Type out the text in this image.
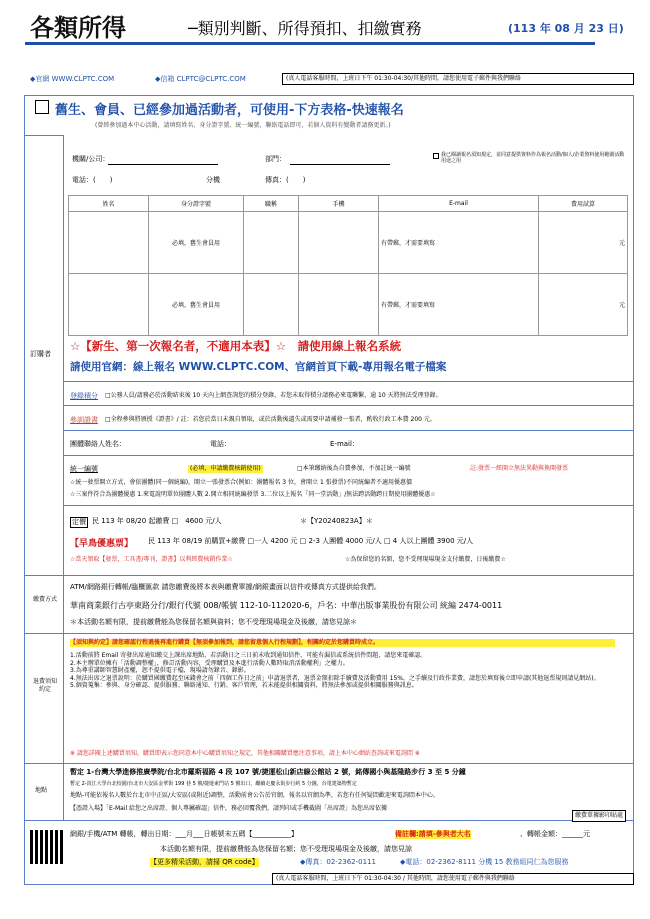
各類所得	─類別判斷、所得預扣、扣繳實務	(113 年 08 月 23 日)
◆官網 WWW.CLPTC.COM	◆信箱 CLPTC@CLPTC.COM	(真人電話客服時間，上班日下午 01:30-04:30/其他時間，請您使用電子郵件與我們聯絡
舊生、會員、已經參加過活動者，可使用-下方表格-快速報名
(曾經參加過本中心活動，請填寫姓名、身分證字號、統一編號，聯絡電話即可，若個人資料有變動者請務更新。)
訂購者
機關/公司：	部門：	我已閱讀報名須知規定，並同意提供資料作為報名活動/個人/企業資料使用範圍活動用途之用
電話：(　　)	分機	傳真：(　　)
姓名	身分證字號	職稱	手機	E-mail	費用試算
	必填，舊生會員用			有帶郵，才需要填寫	元
	必填，舊生會員用			有帶郵，才需要填寫	元
☆【新生、第一次報名者，不適用本表】☆　請使用線上報名系統
請使用官網：線上報名 WWW.CLPTC.COM、官網首頁下載-專用報名電子檔案
登錄積分 □公務人員/請務必於活動結束後 10 天內上網查詢您的積分登錄，若您未取得積分請務必來電聯繫，逾 10 天將無法受理登錄。
參訓證書 □全程參與將頒授《證書》/ 註：若您於當日未親自領取，或於活動後遺失或需要申請補發一張者，酌收行政工本費 200 元。
團體聯絡人姓名：	電話：	E-mail：
統一編號	(必填，申請繳費核銷使用)	□本筆繳納後為自費參加，不加註統一編號	註:發票一經開立無法異動與換開發票
☆統一發票開立方式，會依團體(同一個統編)，開立一張發票合(例如：團體報名 3 位，會開立 1 張發票)不同統編者不適用優惠價
☆三案件符合為團體優惠 1.來電說明單位團體人數 2.開立相同統編發票 3.二位以上報名「同一堂活動」/無法跨活動跨日期使用團體優惠☆
定價 民 113 年 08/20 起繳費 □　4600 元/人	＊【Y20240823A】＊
【早鳥優惠票】 民 113 年 08/19 前購買+繳費 □一人 4200 元 □ 2-3 人團體 4000 元/人 □ 4 人以上團體 3900 元/人
☆當天領取【發票，工具書/專刊，證書】以利經費核銷作業☆	☆為保留您的名額，您不受理現場現金支付繳費，日後繳費☆
繳費方式
ATM/網路銀行轉帳/臨櫃匯款 請您繳費後將本表與繳費單據/網銀畫面以信件或傳真方式提供給我們。
華南商業銀行古亭東路分行/銀行代號 008/帳號 112-10-112020-6，戶名：中華出版事業股份有限公司 統編 2474-0011
＊本活動名額有限，提前繳費能為您保留名額與資料；您不受理現場現金及後繳，請您見諒＊
退費須知約定
【須知與約定】請您確認行程過後再進行購買【無須參加報到，請您留意個人行程規劃】，相關約定於您購買時成立。
1.活動前將 Email 寄發出席通知繳交上課出席地點，若活動日之三日前未收到通知信件，可能有漏信或系統信件問題，請您來電確認。
2.本主辦單位擁有「活動調整權」，修訂活動內容，受理購買及本進行活動人數時取消活動權利」之權力。
3.為尊重講師智慧財產權，恕不提供電子檔，現場請勿錄音、錄影。
4.無法出席之退票說明：於購買國繳費起至床錢會之前「四個工作日之前」申請退票者，退票金額扣除手續費及活動費用 15%，之手續及行政作業費，請您於填寫後立即申請(其他退票規則請見網站)。
5.個資蒐集：參與、身分確認、提供服務、聯絡通知、行銷、客戶管理，若未能提供相關資料，將無法參加或提供相關服務與訊息。
※ 請您詳閱上述購買須知，購買即表示您同意本中心購買須知之規定，其他相關購買應注意事項，請上本中心網站查詢或來電詢問 ※
地點
暫定 1-台灣大學進修推廣學院/台北市羅斯福路 4 段 107 號/捷運松山新店線公館站 2 號，銘傳國小與基隆路步行 3 至 5 分鐘
暫定 2-淡江大學台北校園/台北市大安區金華街 199 巷 5 號/捷運東門站 5 號出口，繼續走慶永街步行約 5 分鐘，台電建築物暫定
地點-可能依報名人數於台北市中正區/大安區(或附近)調整，活動前會公告於官網，報名以官網為準，若您有任何疑問歡迎來電詢問本中心。
【憑證入場】「E-Mail 給您之出席證、個人專屬確認」信件，務必回覆我們，請列印或手機截圖「出席證」為您出席依據
繳費單據影印貼處
網銀/手機/ATM 轉帳，轉出日期：___月___日帳號末五碼【___________】	備註欄:請填-參與者大名	、轉帳金額：______元
本活動名額有限，提前繳費能為您保留名額；您不受理現場現金及後繳，請您見諒
【更多精采活動，請掃 QR code】	◆傳真：02-2362-0111	◆電話：02-2362-8111 分機 15 教務組同仁為您服務
(真人電話客服時間，上班日下午 01:30-04:30 / 其他時間，請您使用電子郵件與我們聯絡
